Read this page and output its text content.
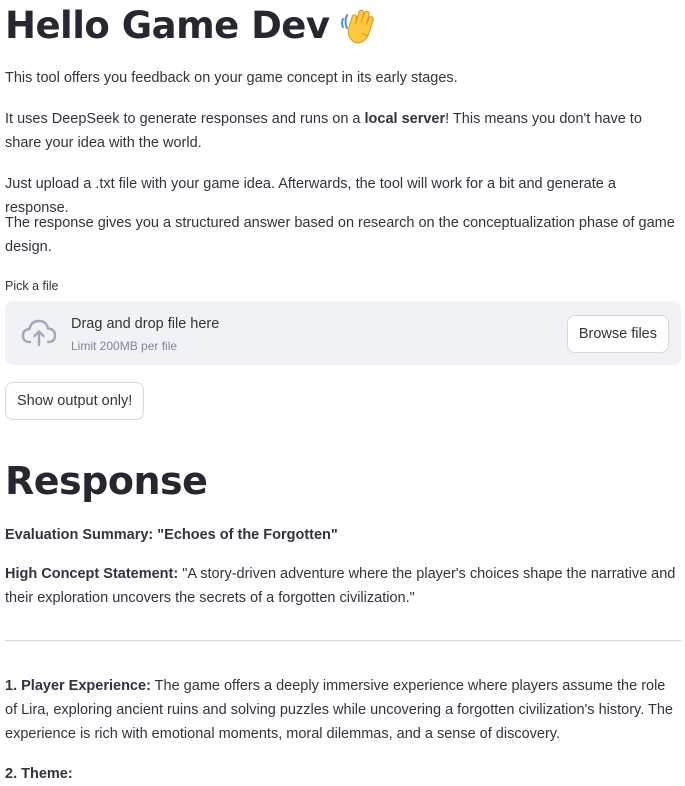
Hello Game Dev

This tool offers you feedback on your game concept in its early stages.

It uses DeepSeek to generate responses and runs on a local server! This means you don't have to share your idea with the world.

Just upload a .txt file with your game idea. Afterwards, the tool will work for a bit and generate a response.

The response gives you a structured answer based on research on the conceptualization phase of game design.

Pick a file

Drag and drop file here
Limit 200MB per file
Browse files
Show output only!
Response

Evaluation Summary: "Echoes of the Forgotten"

High Concept Statement: "A story-driven adventure where the player's choices shape the narrative and their exploration uncovers the secrets of a forgotten civilization."

1. Player Experience: The game offers a deeply immersive experience where players assume the role of Lira, exploring ancient ruins and solving puzzles while uncovering a forgotten civilization's history. The experience is rich with emotional moments, moral dilemmas, and a sense of discovery.

2. Theme:
